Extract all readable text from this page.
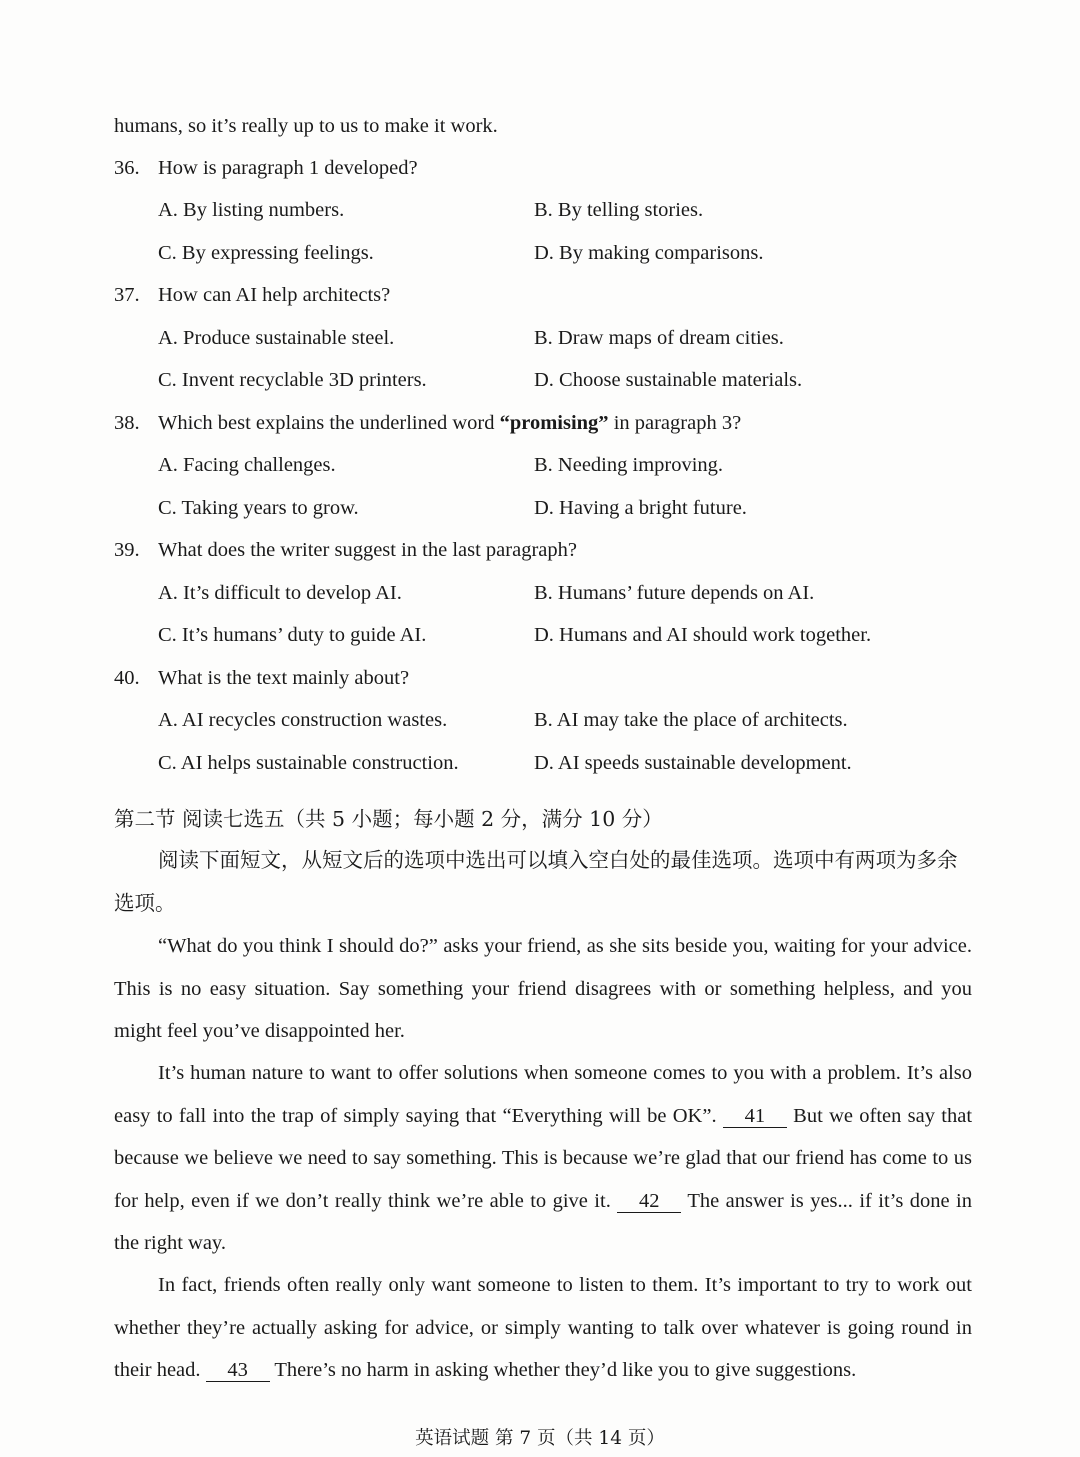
humans, so it’s really up to us to make it work.
36. How is paragraph 1 developed?
A. By listing numbers.	B. By telling stories.
C. By expressing feelings.	D. By making comparisons.
37. How can AI help architects?
A. Produce sustainable steel.	B. Draw maps of dream cities.
C. Invent recyclable 3D printers.	D. Choose sustainable materials.
38. Which best explains the underlined word “promising” in paragraph 3?
A. Facing challenges.	B. Needing improving.
C. Taking years to grow.	D. Having a bright future.
39. What does the writer suggest in the last paragraph?
A. It’s difficult to develop AI.	B. Humans’ future depends on AI.
C. It’s humans’ duty to guide AI.	D. Humans and AI should work together.
40. What is the text mainly about?
A. AI recycles construction wastes.	B. AI may take the place of architects.
C. AI helps sustainable construction.	D. AI speeds sustainable development.
第二节 阅读七选五（共 5 小题；每小题 2 分，满分 10 分）
阅读下面短文，从短文后的选项中选出可以填入空白处的最佳选项。选项中有两项为多余选项。
“What do you think I should do?” asks your friend, as she sits beside you, waiting for your advice. This is no easy situation. Say something your friend disagrees with or something helpless, and you might feel you’ve disappointed her.
It’s human nature to want to offer solutions when someone comes to you with a problem. It’s also easy to fall into the trap of simply saying that “Everything will be OK”. 41 But we often say that because we believe we need to say something. This is because we’re glad that our friend has come to us for help, even if we don’t really think we’re able to give it. 42 The answer is yes... if it’s done in the right way.
In fact, friends often really only want someone to listen to them. It’s important to try to work out whether they’re actually asking for advice, or simply wanting to talk over whatever is going round in their head. 43 There’s no harm in asking whether they’d like you to give suggestions.
英语试题 第 7 页（共 14 页）
